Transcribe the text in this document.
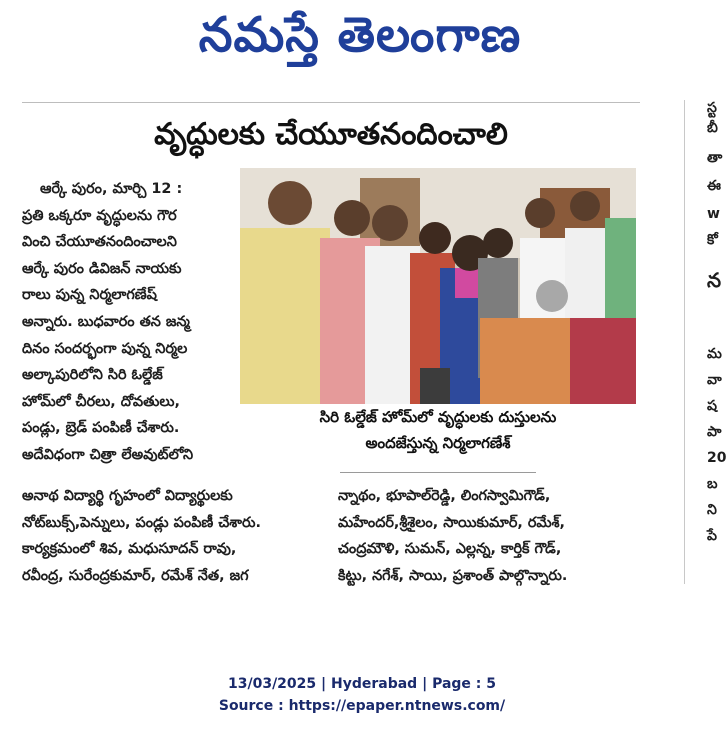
నమస్తే తెలంగాణ
వృద్ధులకు చేయూతనందించాలి
ఆర్కే పురం, మార్చి 12 :
ప్రతి ఒక్కరూ వృద్ధులను గౌర
వించి చేయూతనందించాలని
ఆర్కే పురం డివిజన్ నాయకు
రాలు పున్న నిర్మలాగణేష్
అన్నారు. బుధవారం తన జన్మ
దినం సందర్భంగా పున్న నిర్మల
అల్కాపురిలోని సిరి ఓల్డేజ్
హోమ్‌లో చీరలు, దోవతులు,
పండ్లు, బ్రెడ్ పంపిణీ చేశారు.
అదేవిధంగా చిత్రా లేఅవుట్‌లోని
సిరి ఓల్డేజ్ హోమ్‌లో వృద్ధులకు దుస్తులను
అందజేస్తున్న నిర్మలాగణేశ్
అనాథ విద్యార్థి గృహంలో విద్యార్థులకు
నోట్‌బుక్స్,పెన్నులు, పండ్లు పంపిణీ చేశారు.
కార్యక్రమంలో శివ, మధుసూదన్ రావు,
రవీంద్ర, సురేంద్రకుమార్, రమేశ్ నేత, జగ
న్నాథం, భూపాల్‌రెడ్డి, లింగస్వామిగౌడ్,
మహేందర్,శ్రీశైలం, సాయికుమార్, రమేశ్,
చంద్రమౌళి, సుమన్, ఎల్లన్న, కార్తిక్ గౌడ్,
కిట్టు, నగేశ్, సాయి, ప్రశాంత్ పాల్గొన్నారు.
స్ట
బీ
తా
ఈ
w
కో
న
మ
వా
ష
పా
20
బ
ని
పే
13/03/2025 | Hyderabad | Page : 5
Source : https://epaper.ntnews.com/
